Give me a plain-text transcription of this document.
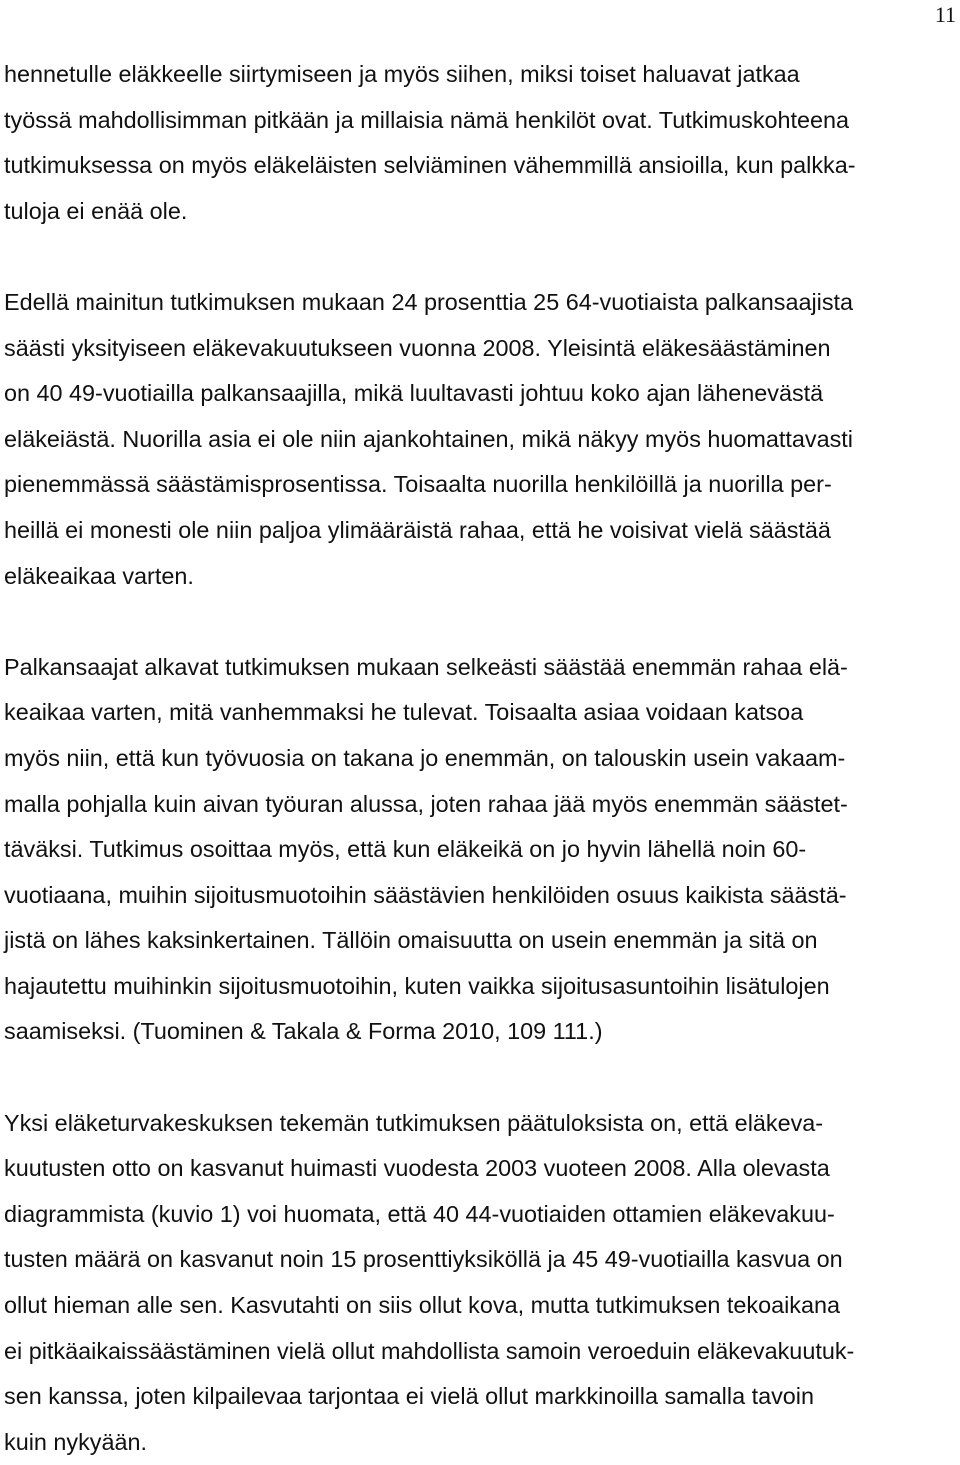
11
hennetulle eläkkeelle siirtymiseen ja myös siihen, miksi toiset haluavat jatkaa
työssä mahdollisimman pitkään ja millaisia nämä henkilöt ovat. Tutkimuskohteena
tutkimuksessa on myös eläkeläisten selviäminen vähemmillä ansioilla, kun palkka-
tuloja ei enää ole.
Edellä mainitun tutkimuksen mukaan 24 prosenttia 25 64-vuotiaista palkansaajista
säästi yksityiseen eläkevakuutukseen vuonna 2008. Yleisintä eläkesäästäminen
on 40 49-vuotiailla palkansaajilla, mikä luultavasti johtuu koko ajan lähenevästä
eläkeiästä. Nuorilla asia ei ole niin ajankohtainen, mikä näkyy myös huomattavasti
pienemmässä säästämisprosentissa. Toisaalta nuorilla henkilöillä ja nuorilla per-
heillä ei monesti ole niin paljoa ylimääräistä rahaa, että he voisivat vielä säästää
eläkeaikaa varten.
Palkansaajat alkavat tutkimuksen mukaan selkeästi säästää enemmän rahaa elä-
keaikaa varten, mitä vanhemmaksi he tulevat. Toisaalta asiaa voidaan katsoa
myös niin, että kun työvuosia on takana jo enemmän, on talouskin usein vakaam-
malla pohjalla kuin aivan työuran alussa, joten rahaa jää myös enemmän säästet-
täväksi. Tutkimus osoittaa myös, että kun eläkeikä on jo hyvin lähellä noin 60-
vuotiaana, muihin sijoitusmuotoihin säästävien henkilöiden osuus kaikista säästä-
jistä on lähes kaksinkertainen. Tällöin omaisuutta on usein enemmän ja sitä on
hajautettu muihinkin sijoitusmuotoihin, kuten vaikka sijoitusasuntoihin lisätulojen
saamiseksi. (Tuominen & Takala & Forma 2010, 109 111.)
Yksi eläketurvakeskuksen tekemän tutkimuksen päätuloksista on, että eläkeva-
kuutusten otto on kasvanut huimasti vuodesta 2003 vuoteen 2008. Alla olevasta
diagrammista (kuvio 1) voi huomata, että 40 44-vuotiaiden ottamien eläkevakuu-
tusten määrä on kasvanut noin 15 prosenttiyksiköllä ja 45 49-vuotiailla kasvua on
ollut hieman alle sen. Kasvutahti on siis ollut kova, mutta tutkimuksen tekoaikana
ei pitkäaikaissäästäminen vielä ollut mahdollista samoin veroeduin eläkevakuutuk-
sen kanssa, joten kilpailevaa tarjontaa ei vielä ollut markkinoilla samalla tavoin
kuin nykyään.
